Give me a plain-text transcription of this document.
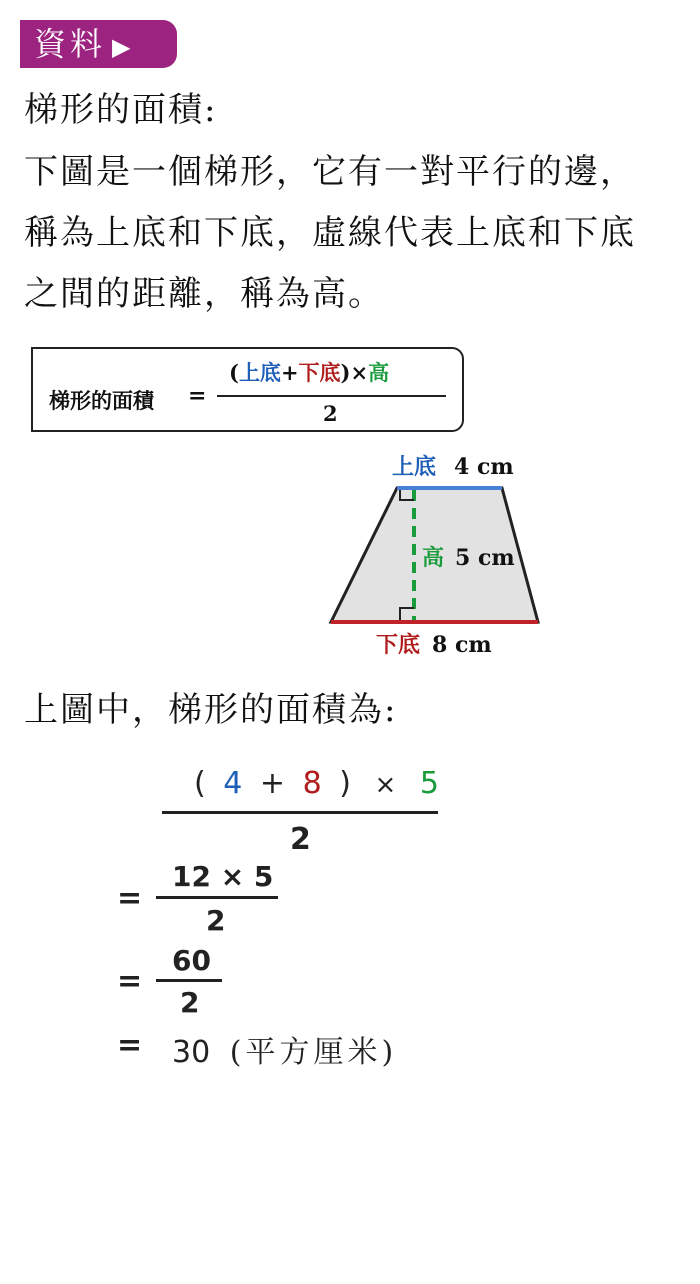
資料 ▶
梯形的面積:
下圖是一個梯形，它有一對平行的邊，
稱為上底和下底，虛線代表上底和下底
之間的距離，稱為高。
梯形的面積 =
(上底+下底)×高
2
上底 4 cm
高 5 cm
下底 8 cm
上圖中，梯形的面積為:
( 4 + 8 ) × 5
2
=
12 × 5
2
=
60
2
= 30 (平方厘米)
